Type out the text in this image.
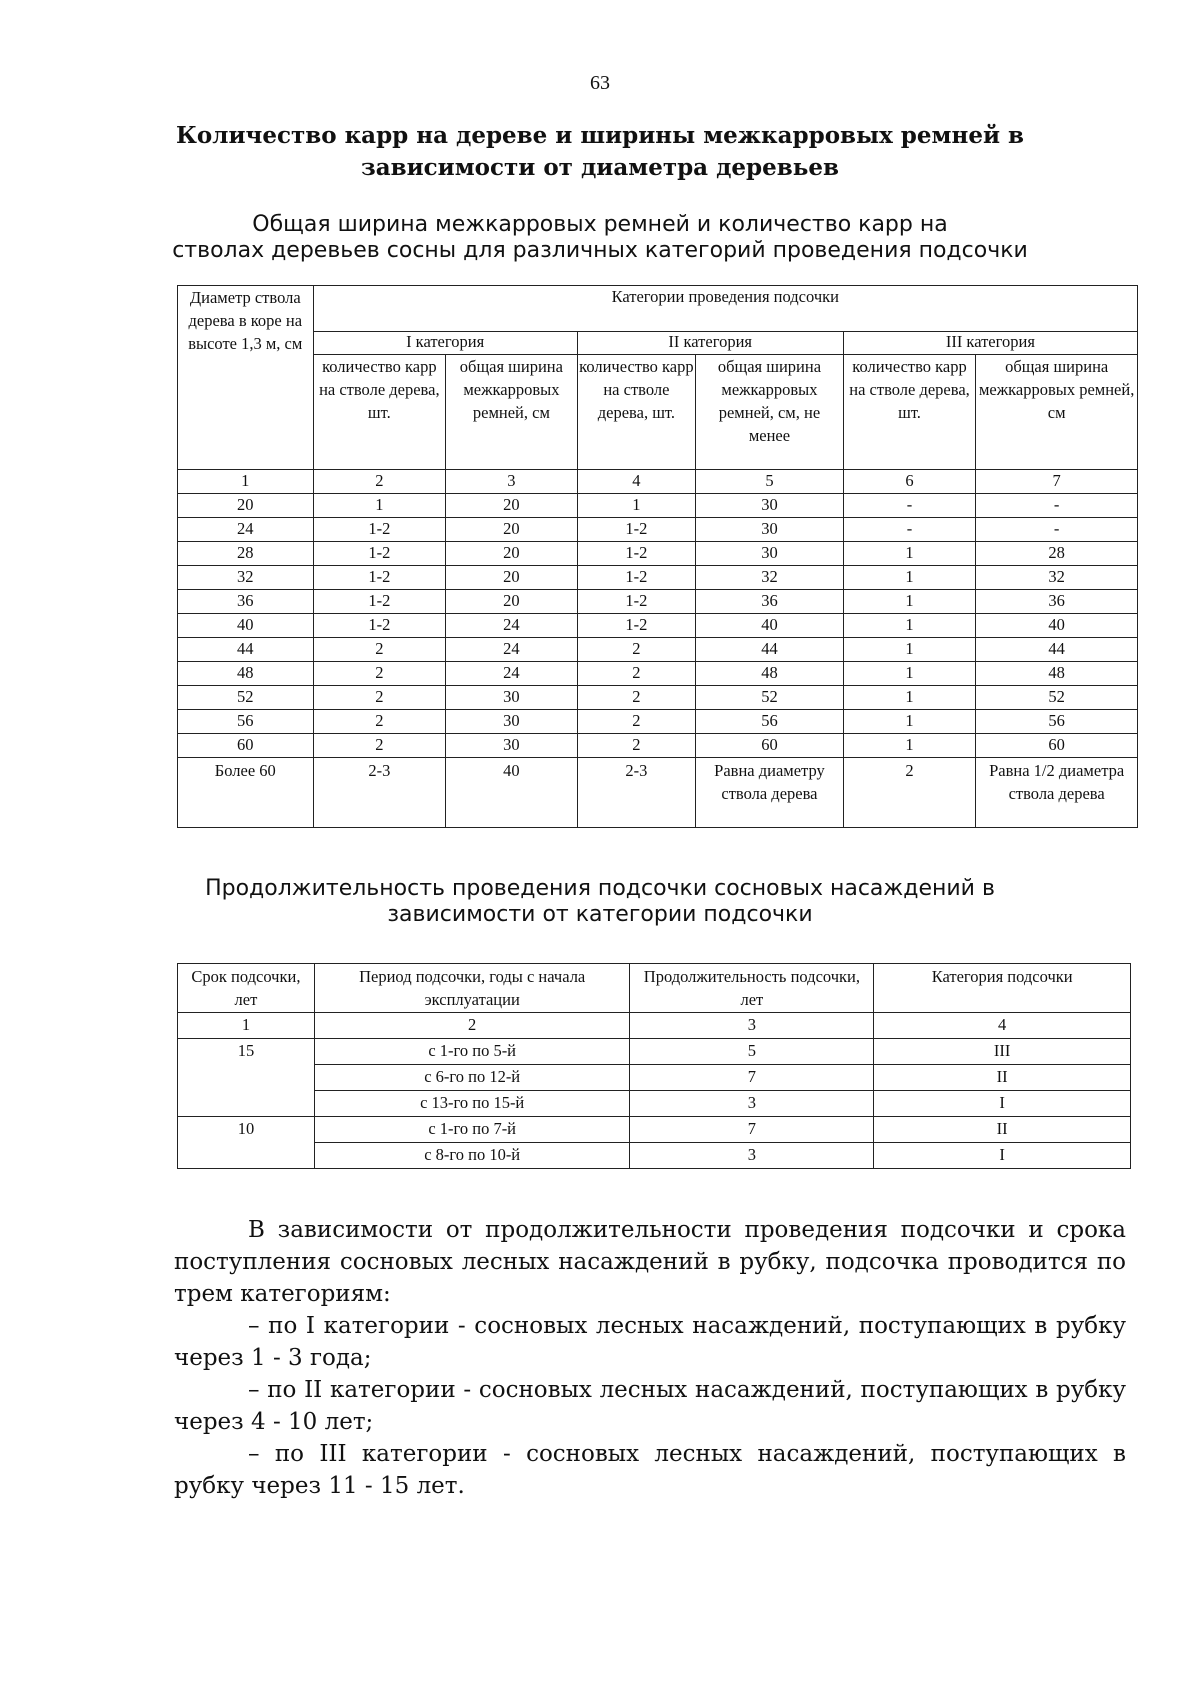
63
Количество карр на дереве и ширины межкарровых ремней в
зависимости от диаметра деревьев
Общая ширина межкарровых ремней и количество карр на
стволах деревьев сосны для различных категорий проведения подсочки
Диаметр ствола дерева в коре на высоте 1,3 м, см	Категории проведения подсочки					
	I категория		II категория		III категория	
	количество карр на стволе дерева, шт.	общая ширина межкарровых ремней, см	количество карр на стволе дерева, шт.	общая ширина межкарровых ремней, см, не менее	количество карр на стволе дерева, шт.	общая ширина межкарровых ремней, см
1	2	3	4	5	6	7
20	1	20	1	30	-	-
24	1-2	20	1-2	30	-	-
28	1-2	20	1-2	30	1	28
32	1-2	20	1-2	32	1	32
36	1-2	20	1-2	36	1	36
40	1-2	24	1-2	40	1	40
44	2	24	2	44	1	44
48	2	24	2	48	1	48
52	2	30	2	52	1	52
56	2	30	2	56	1	56
60	2	30	2	60	1	60
Более 60	2-3	40	2-3	Равна диаметру ствола дерева	2	Равна 1/2 диаметра ствола дерева
Продолжительность проведения подсочки сосновых насаждений в
зависимости от категории подсочки
Срок подсочки, лет	Период подсочки, годы с начала эксплуатации	Продолжительность подсочки, лет	Категория подсочки
1	2	3	4
15	с 1-го по 5-й	5	III
	с 6-го по 12-й	7	II
	с 13-го по 15-й	3	I
10	с 1-го по 7-й	7	II
	с 8-го по 10-й	3	I

В зависимости от продолжительности проведения подсочки и срока поступления сосновых лесных насаждений в рубку, подсочка проводится по трем категориям:

– по I категории - сосновых лесных насаждений, поступающих в рубку через 1 - 3 года;

– по II категории - сосновых лесных насаждений, поступающих в рубку через 4 - 10 лет;

– по III категории - сосновых лесных насаждений, поступающих в рубку через 11 - 15 лет.
